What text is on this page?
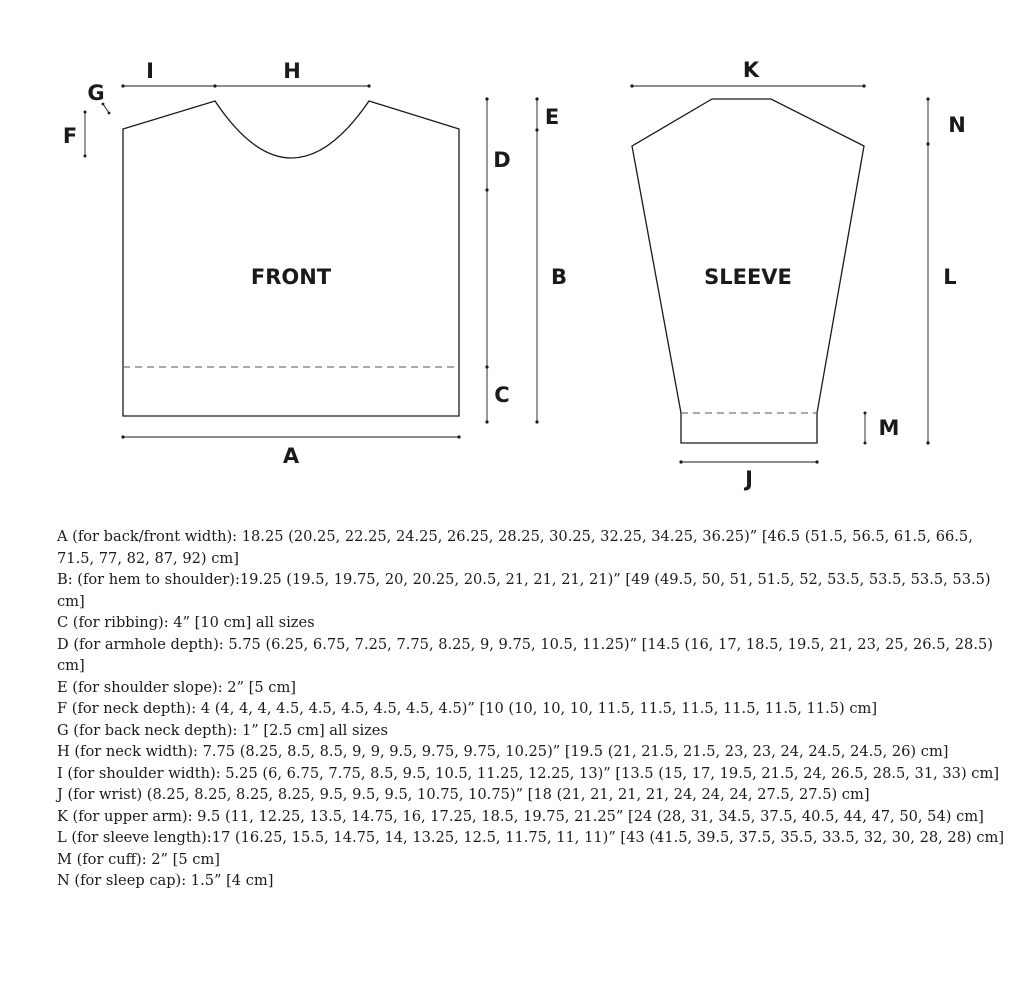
FRONT
I	H
G
F
A
D
C
E
B	SLEEVE
K
J
M
N
L
A (for back/front width): 18.25 (20.25, 22.25, 24.25, 26.25, 28.25, 30.25, 32.25, 34.25, 36.25)” [46.5 (51.5, 56.5, 61.5, 66.5, 71.5, 77, 82, 87, 92) cm]
B: (for hem to shoulder):19.25 (19.5, 19.75, 20, 20.25, 20.5, 21, 21, 21, 21)” [49 (49.5, 50, 51, 51.5, 52, 53.5, 53.5, 53.5, 53.5) cm]
C (for ribbing): 4” [10 cm] all sizes
D (for armhole depth): 5.75 (6.25, 6.75, 7.25, 7.75, 8.25, 9, 9.75, 10.5, 11.25)” [14.5 (16, 17, 18.5, 19.5, 21, 23, 25, 26.5, 28.5) cm]
E (for shoulder slope): 2” [5 cm]
F (for neck depth): 4 (4, 4, 4, 4.5, 4.5, 4.5, 4.5, 4.5, 4.5)” [10 (10, 10, 10, 11.5, 11.5, 11.5, 11.5, 11.5, 11.5) cm]
G (for back neck depth): 1” [2.5 cm] all sizes
H (for neck width): 7.75 (8.25, 8.5, 8.5, 9, 9, 9.5, 9.75, 9.75, 10.25)” [19.5 (21, 21.5, 21.5, 23, 23, 24, 24.5, 24.5, 26) cm]
I (for shoulder width): 5.25 (6, 6.75, 7.75, 8.5, 9.5, 10.5, 11.25, 12.25, 13)” [13.5 (15, 17, 19.5, 21.5, 24, 26.5, 28.5, 31, 33) cm]
J (for wrist) (8.25, 8.25, 8.25, 8.25, 9.5, 9.5, 9.5, 10.75, 10.75)” [18 (21, 21, 21, 21, 24, 24, 24, 27.5, 27.5) cm]
K (for upper arm): 9.5 (11, 12.25, 13.5, 14.75, 16, 17.25, 18.5, 19.75, 21.25” [24 (28, 31, 34.5, 37.5, 40.5, 44, 47, 50, 54) cm]
L (for sleeve length):17 (16.25, 15.5, 14.75, 14, 13.25, 12.5, 11.75, 11, 11)” [43 (41.5, 39.5, 37.5, 35.5, 33.5, 32, 30, 28, 28) cm]
M (for cuff): 2” [5 cm]
N (for sleep cap): 1.5” [4 cm]
